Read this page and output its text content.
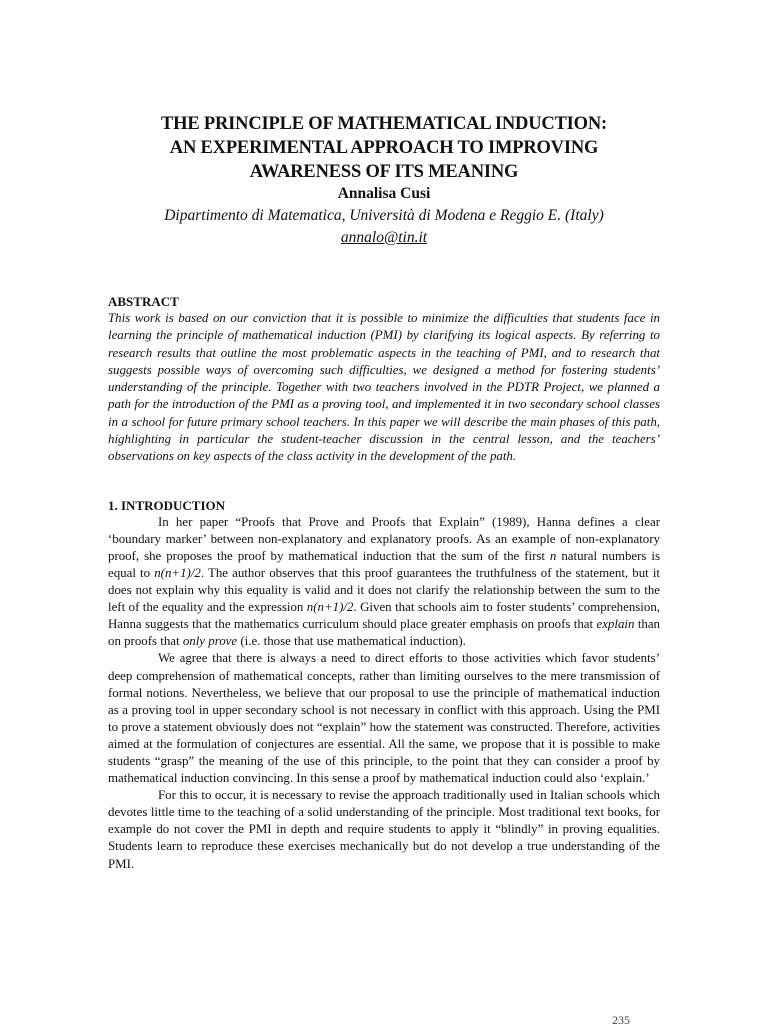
THE PRINCIPLE OF MATHEMATICAL INDUCTION:
AN EXPERIMENTAL APPROACH TO IMPROVING
AWARENESS OF ITS MEANING

Annalisa Cusi

Dipartimento di Matematica, Università di Modena e Reggio E. (Italy)

annalo@tin.it

ABSTRACT

This work is based on our conviction that it is possible to minimize the difficulties that students face in learning the principle of mathematical induction (PMI) by clarifying its logical aspects. By referring to research results that outline the most problematic aspects in the teaching of PMI, and to research that suggests possible ways of overcoming such difficulties, we designed a method for fostering students’ understanding of the principle. Together with two teachers involved in the PDTR Project, we planned a path for the introduction of the PMI as a proving tool, and implemented it in two secondary school classes in a school for future primary school teachers. In this paper we will describe the main phases of this path, highlighting in particular the student-teacher discussion in the central lesson, and the teachers’ observations on key aspects of the class activity in the development of the path.

1. INTRODUCTION

In her paper “Proofs that Prove and Proofs that Explain” (1989), Hanna defines a clear ‘boundary marker’ between non-explanatory and explanatory proofs. As an example of non-explanatory proof, she proposes the proof by mathematical induction that the sum of the first n natural numbers is equal to n(n+1)/2. The author observes that this proof guarantees the truthfulness of the statement, but it does not explain why this equality is valid and it does not clarify the relationship between the sum to the left of the equality and the expression n(n+1)/2. Given that schools aim to foster students’ comprehension, Hanna suggests that the mathematics curriculum should place greater emphasis on proofs that explain than on proofs that only prove (i.e. those that use mathematical induction).

We agree that there is always a need to direct efforts to those activities which favor students’ deep comprehension of mathematical concepts, rather than limiting ourselves to the mere transmission of formal notions. Nevertheless, we believe that our proposal to use the principle of mathematical induction as a proving tool in upper secondary school is not necessary in conflict with this approach. Using the PMI to prove a statement obviously does not “explain” how the statement was constructed. Therefore, activities aimed at the formulation of conjectures are essential. All the same, we propose that it is possible to make students “grasp” the meaning of the use of this principle, to the point that they can consider a proof by mathematical induction convincing. In this sense a proof by mathematical induction could also ‘explain.’

For this to occur, it is necessary to revise the approach traditionally used in Italian schools which devotes little time to the teaching of a solid understanding of the principle. Most traditional text books, for example do not cover the PMI in depth and require students to apply it “blindly” in proving equalities. Students learn to reproduce these exercises mechanically but do not develop a true understanding of the PMI.

235
